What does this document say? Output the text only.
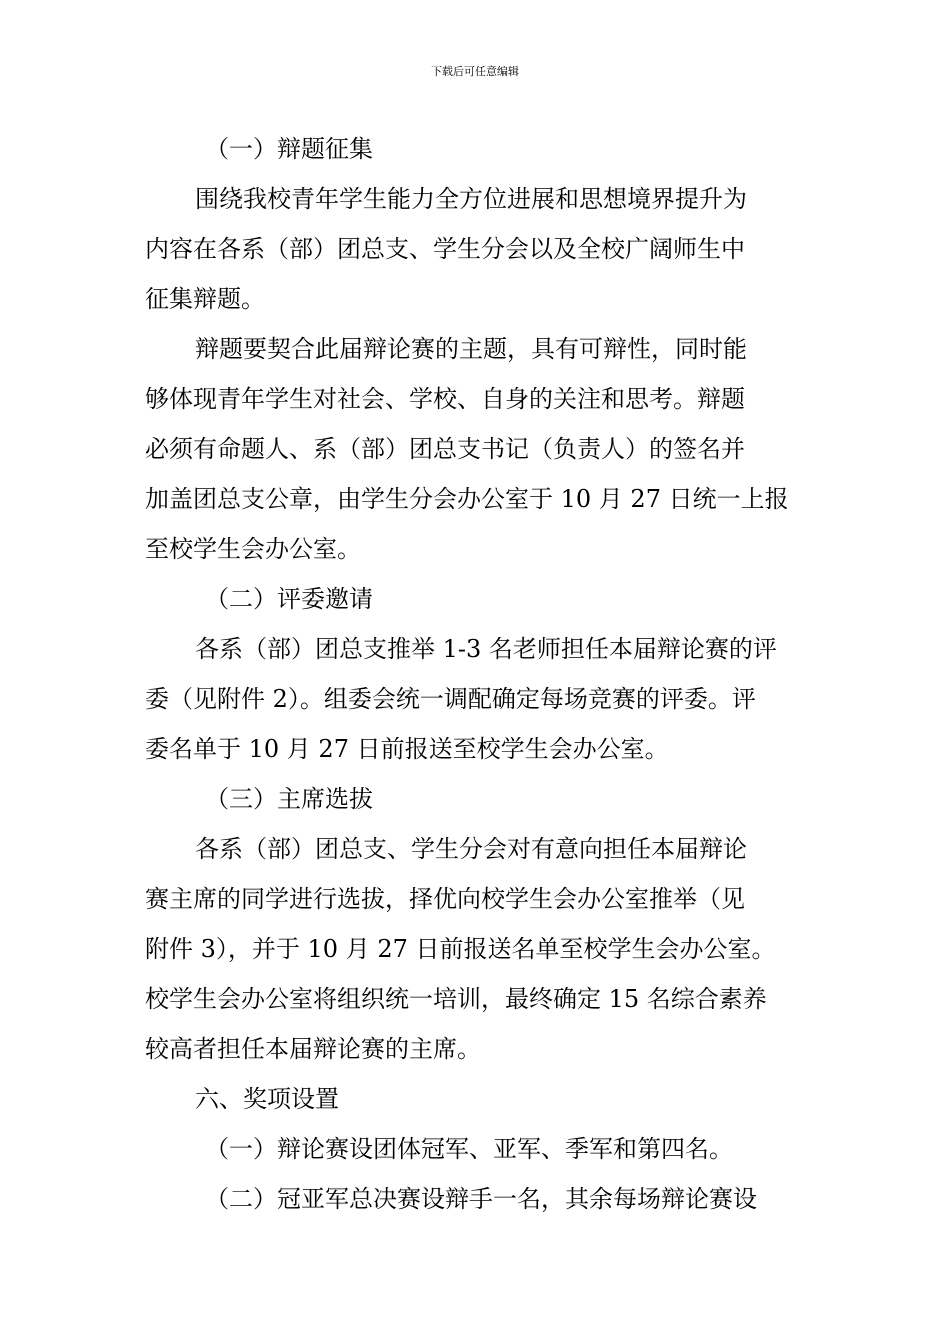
下载后可任意编辑
（一）辩题征集
围绕我校青年学生能力全方位进展和思想境界提升为
内容在各系（部）团总支、学生分会以及全校广阔师生中
征集辩题。
辩题要契合此届辩论赛的主题，具有可辩性，同时能
够体现青年学生对社会、学校、自身的关注和思考。辩题
必须有命题人、系（部）团总支书记（负责人）的签名并
加盖团总支公章，由学生分会办公室于 10 月 27 日统一上报
至校学生会办公室。
（二）评委邀请
各系（部）团总支推举 1-3 名老师担任本届辩论赛的评
委（见附件 2）。组委会统一调配确定每场竞赛的评委。评
委名单于 10 月 27 日前报送至校学生会办公室。
（三）主席选拔
各系（部）团总支、学生分会对有意向担任本届辩论
赛主席的同学进行选拔，择优向校学生会办公室推举（见
附件 3），并于 10 月 27 日前报送名单至校学生会办公室。
校学生会办公室将组织统一培训，最终确定 15 名综合素养
较高者担任本届辩论赛的主席。
六、奖项设置
（一）辩论赛设团体冠军、亚军、季军和第四名。
（二）冠亚军总决赛设辩手一名，其余每场辩论赛设
